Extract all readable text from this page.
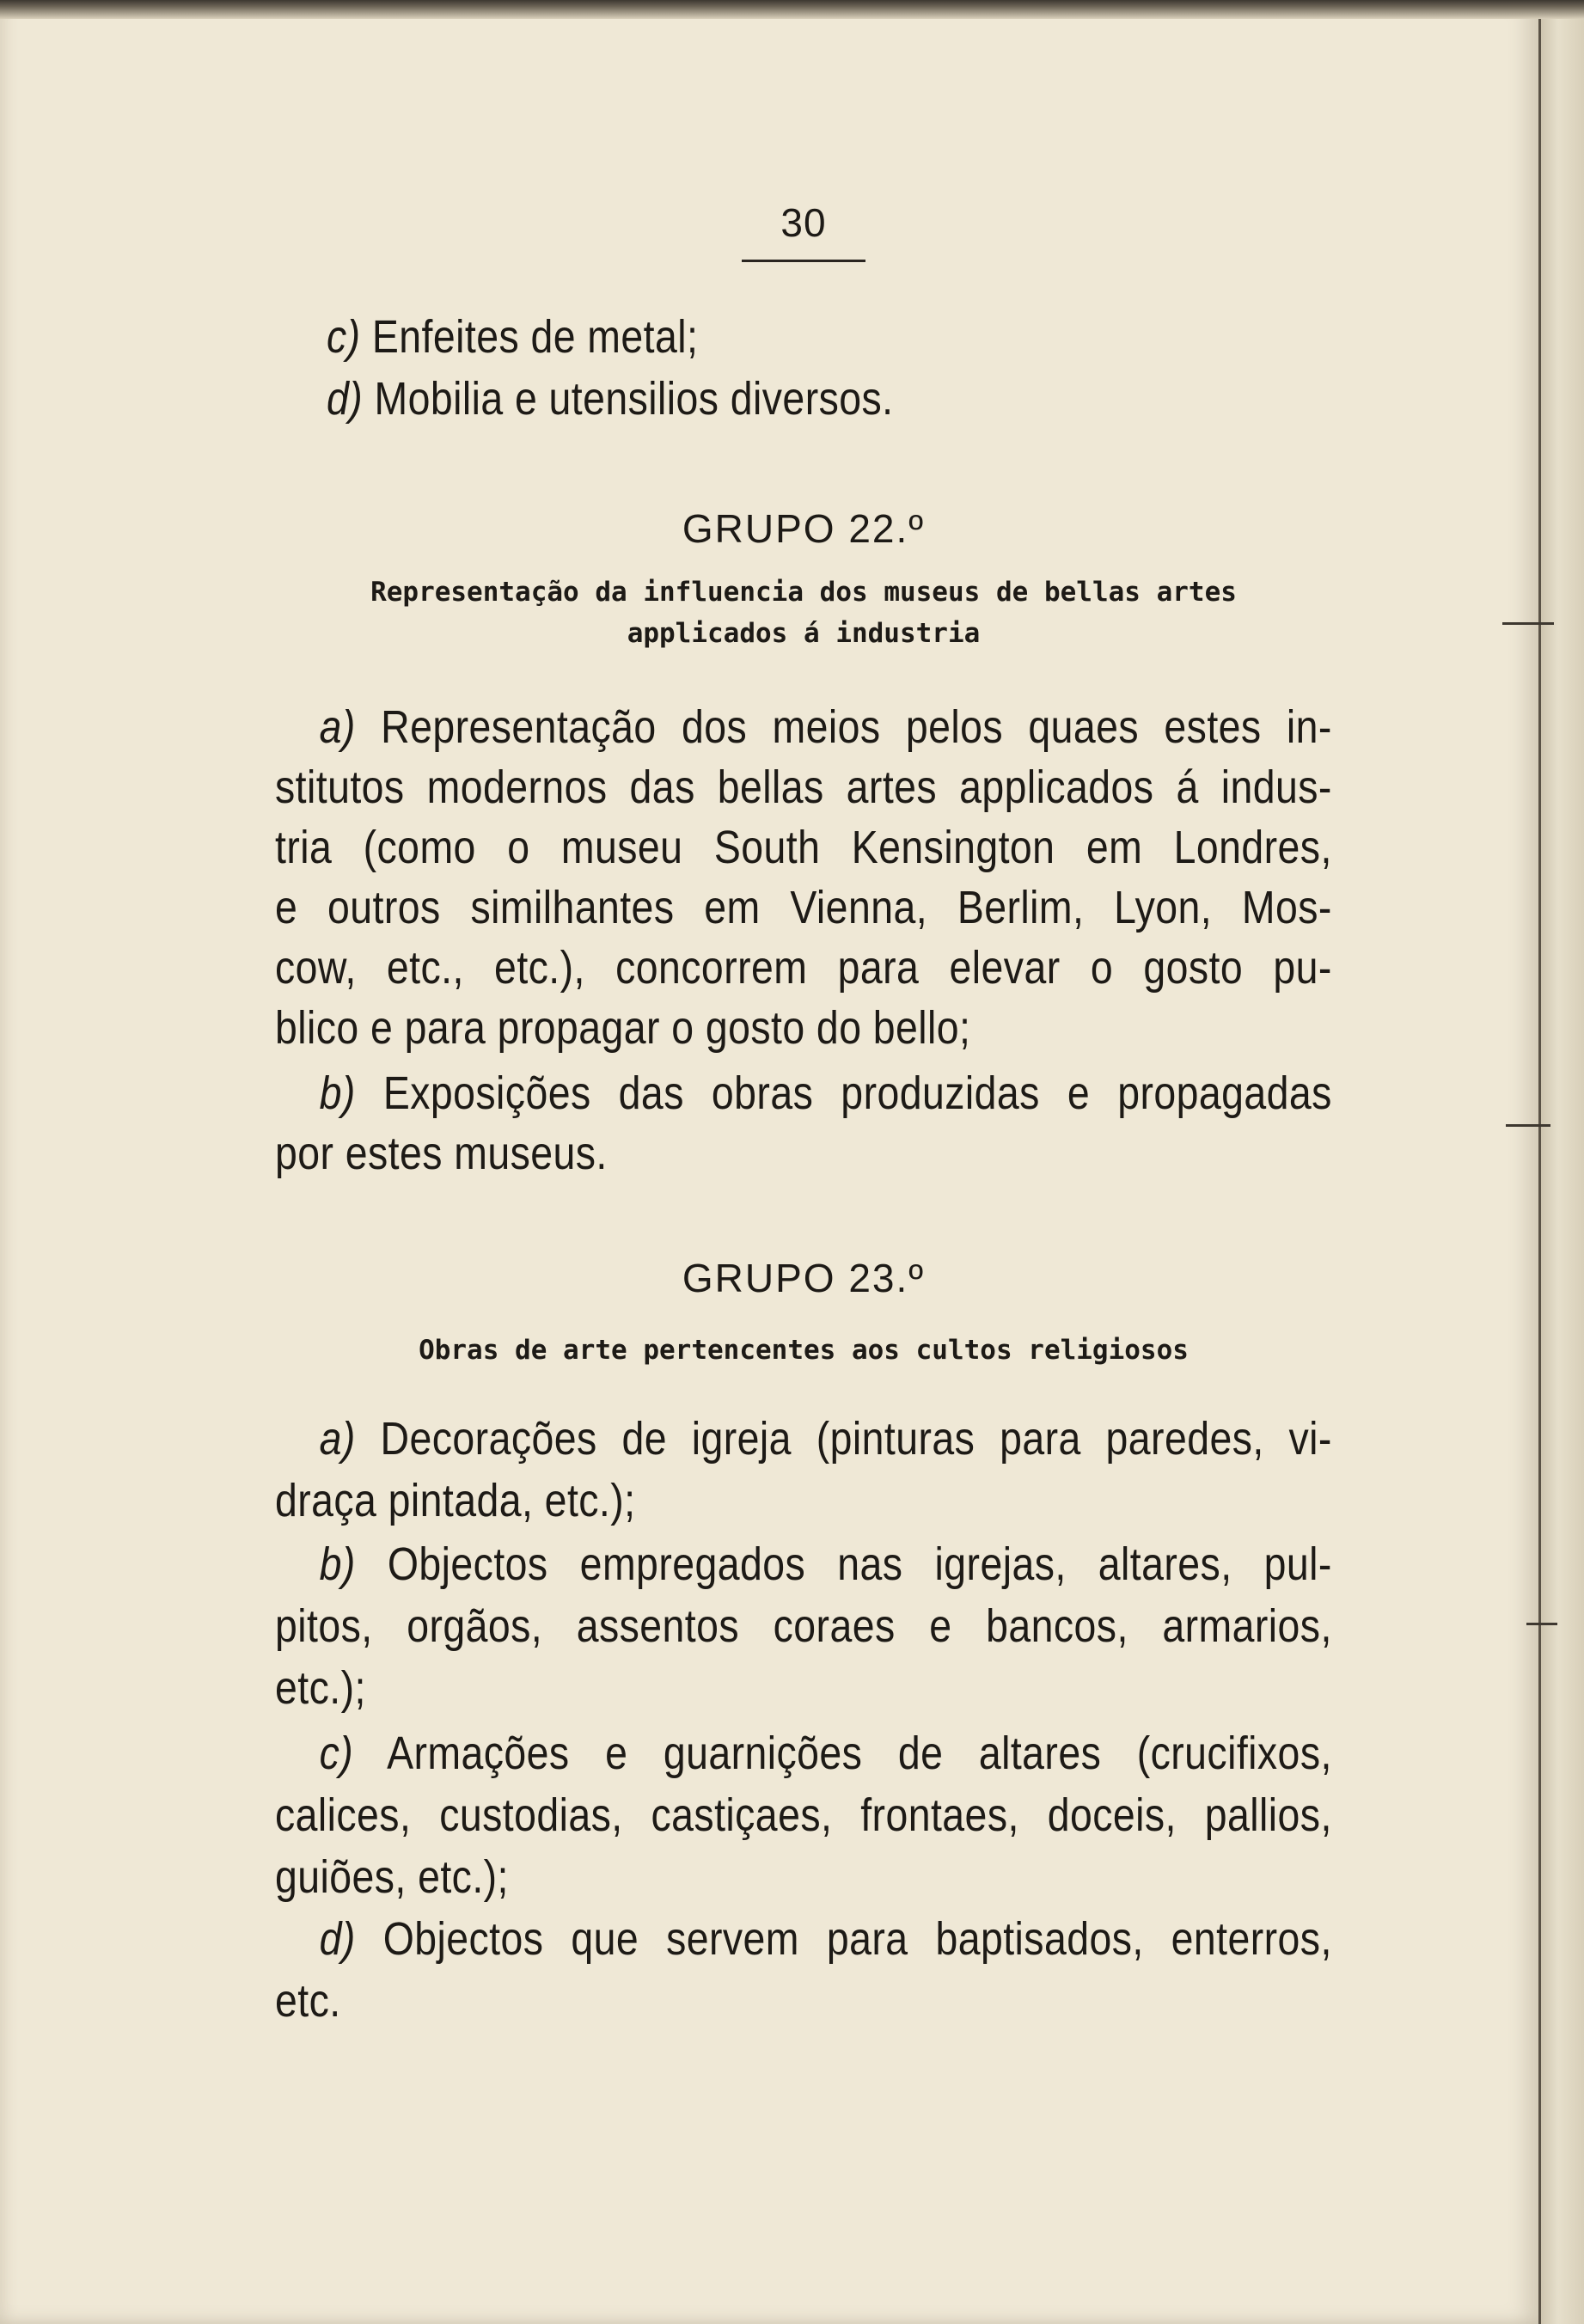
30
c) Enfeites de metal;
d) Mobilia e utensilios diversos.
GRUPO 22.º
Representação da influencia dos museus de bellas artes
applicados á industria
a) Representação dos meios pelos quaes estes in-
stitutos modernos das bellas artes applicados á indus-
tria (como o museu South Kensington em Londres,
e outros similhantes em Vienna, Berlim, Lyon, Mos-
cow, etc., etc.), concorrem para elevar o gosto pu-
blico e para propagar o gosto do bello;
b) Exposições das obras produzidas e propagadas
por estes museus.
GRUPO 23.º
Obras de arte pertencentes aos cultos religiosos
a) Decorações de igreja (pinturas para paredes, vi-
draça pintada, etc.);
b) Objectos empregados nas igrejas, altares, pul-
pitos, orgãos, assentos coraes e bancos, armarios,
etc.);
c) Armações e guarnições de altares (crucifixos,
calices, custodias, castiçaes, frontaes, doceis, pallios,
guiões, etc.);
d) Objectos que servem para baptisados, enterros,
etc.
